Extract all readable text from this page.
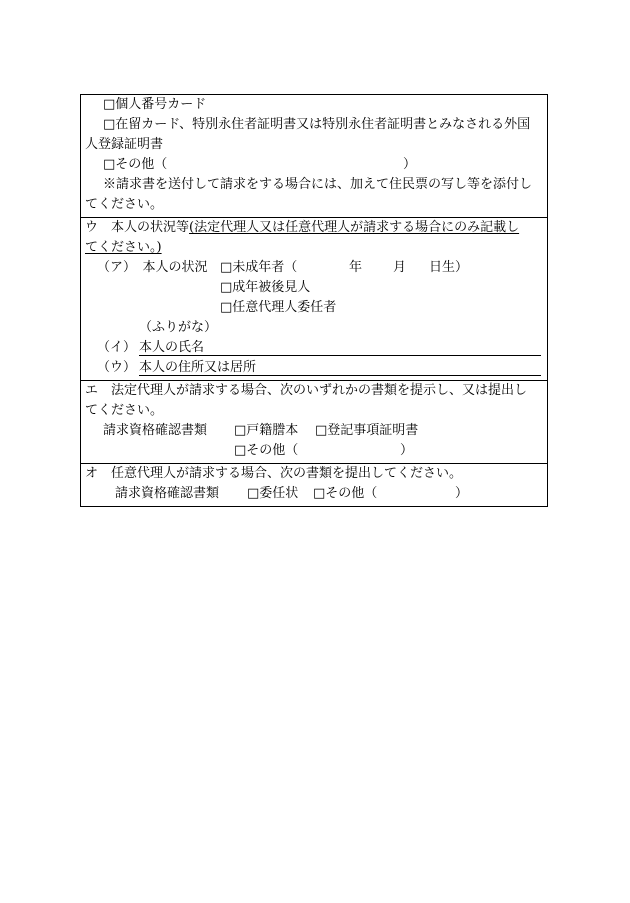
□個人番号カード
□在留カード、特別永住者証明書又は特別永住者証明書とみなされる外国
人登録証明書
□その他（	）
※請求書を送付して請求をする場合には、加えて住民票の写し等を添付し
てください。
ウ　本人の状況等(法定代理人又は任意代理人が請求する場合にのみ記載し
てください。)
（ア）　本人の状況 □未成年者（	年 月 日生）
□成年被後見人
□任意代理人委任者
（ふりがな）
（イ） 本人の氏名
（ウ） 本人の住所又は居所
エ　法定代理人が請求する場合、次のいずれかの書類を提示し、又は提出し
てください。
請求資格確認書類 □戸籍謄本 □登記事項証明書
□その他（	）
オ　任意代理人が請求する場合、次の書類を提出してください。
請求資格確認書類 □委任状 □その他（	）
